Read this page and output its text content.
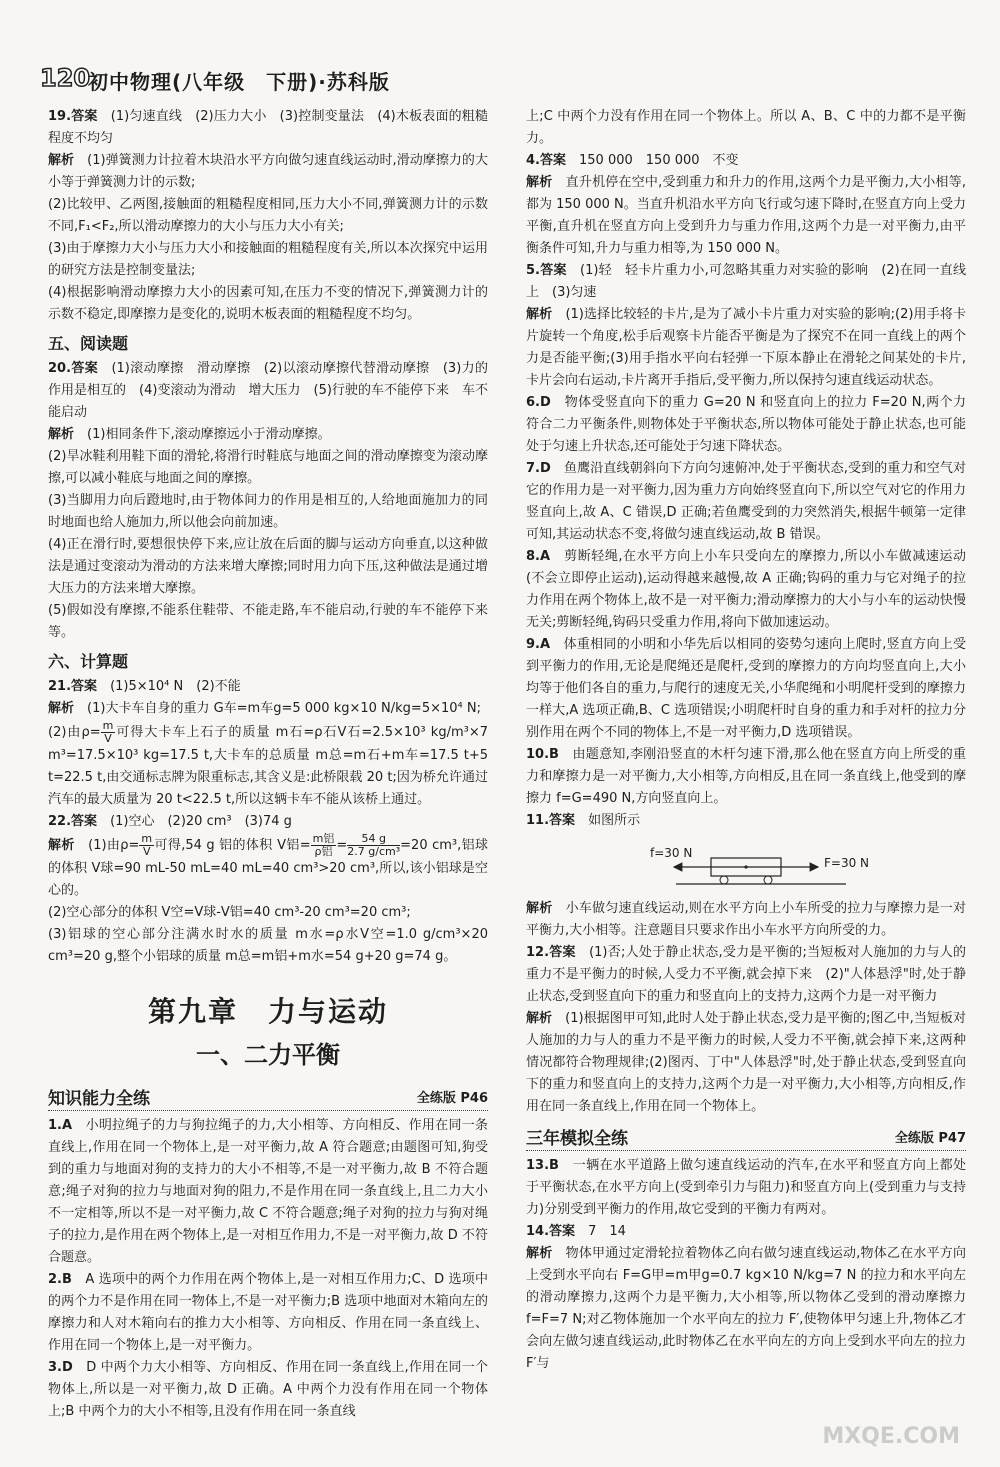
120
初中物理(八年级　下册)·苏科版

19.答案　 (1)匀速直线　(2)压力大小　(3)控制变量法　(4)木板表面的粗糙程度不均匀

解析　 (1)弹簧测力计拉着木块沿水平方向做匀速直线运动时,滑动摩擦力的大小等于弹簧测力计的示数;

(2)比较甲、乙两图,接触面的粗糙程度相同,压力大小不同,弹簧测力计的示数不同,F₁<F₂,所以滑动摩擦力的大小与压力大小有关;

(3)由于摩擦力大小与压力大小和接触面的粗糙程度有关,所以本次探究中运用的研究方法是控制变量法;

(4)根据影响滑动摩擦力大小的因素可知,在压力不变的情况下,弹簧测力计的示数不稳定,即摩擦力是变化的,说明木板表面的粗糙程度不均匀。

五、阅读题

20.答案　 (1)滚动摩擦　滑动摩擦　(2)以滚动摩擦代替滑动摩擦　(3)力的作用是相互的　(4)变滚动为滑动　增大压力　(5)行驶的车不能停下来　车不能启动

解析　 (1)相同条件下,滚动摩擦远小于滑动摩擦。

(2)旱冰鞋利用鞋下面的滑轮,将滑行时鞋底与地面之间的滑动摩擦变为滚动摩擦,可以减小鞋底与地面之间的摩擦。

(3)当脚用力向后蹬地时,由于物体间力的作用是相互的,人给地面施加力的同时地面也给人施加力,所以他会向前加速。

(4)正在滑行时,要想很快停下来,应让放在后面的脚与运动方向垂直,以这种做法是通过变滚动为滑动的方法来增大摩擦;同时用力向下压,这种做法是通过增大压力的方法来增大摩擦。

(5)假如没有摩擦,不能系住鞋带、不能走路,车不能启动,行驶的车不能停下来等。

六、计算题

21.答案　 (1)5×10⁴ N　(2)不能

解析　 (1)大卡车自身的重力 G车=m车g=5 000 kg×10 N/kg=5×10⁴ N;

(2)由$\rho= \frac{m}{V}$ 可得大卡车上石子的质量 m石=ρ石V石=2.5×10³ kg/m³×7 m³=17.5×10³ kg=17.5 t,大卡车的总质量 m总=m石+m车=17.5 t+5 t=22.5 t,由交通标志牌为限重标志,其含义是:此桥限载 20 t;因为桥允许通过汽车的最大质量为 20 t<22.5 t,所以这辆卡车不能从该桥上通过。

22.答案　 (1)空心　(2)20 cm³　(3)74 g

解析　 (1)由$\rho= \frac{m}{V}$ 可得,54 g 铝的体积 V铝= $\frac{\text{m铝}}{\text{ρ铝}} = \frac{54 g}{\text{2.7 g/cm³}} =20$ cm³,铝球的体积 V球=90 mL-50 mL=40 mL=40 cm³>20 cm³,所以,该小铝球是空心的。

(2)空心部分的体积 V空=V球-V铝=40 cm³-20 cm³=20 cm³;

(3)铝球的空心部分注满水时水的质量 m水=ρ水V空=1.0 g/cm³×20 cm³=20 g,整个小铝球的质量 m总=m铝+m水=54 g+20 g=74 g。

第九章　力与运动
一、二力平衡
知识能力全练	全练版 P46

1.A　 小明拉绳子的力与狗拉绳子的力,大小相等、方向相反、作用在同一条直线上,作用在同一个物体上,是一对平衡力,故 A 符合题意;由题图可知,狗受到的重力与地面对狗的支持力的大小不相等,不是一对平衡力,故 B 不符合题意;绳子对狗的拉力与地面对狗的阻力,不是作用在同一条直线上,且二力大小不一定相等,所以不是一对平衡力,故 C 不符合题意;绳子对狗的拉力与狗对绳子的拉力,是作用在两个物体上,是一对相互作用力,不是一对平衡力,故 D 不符合题意。

2.B　 A 选项中的两个力作用在两个物体上,是一对相互作用力;C、D 选项中的两个力不是作用在同一物体上,不是一对平衡力;B 选项中地面对木箱向左的摩擦力和人对木箱向右的推力大小相等、方向相反、作用在同一条直线上、作用在同一个物体上,是一对平衡力。

3.D　 D 中两个力大小相等、方向相反、作用在同一条直线上,作用在同一个物体上,所以是一对平衡力,故 D 正确。A 中两个力没有作用在同一个物体上;B 中两个力的大小不相等,且没有作用在同一条直线

上;C 中两个力没有作用在同一个物体上。所以 A、B、C 中的力都不是平衡力。

4.答案　 150 000　150 000　不变

解析　 直升机停在空中,受到重力和升力的作用,这两个力是平衡力,大小相等,都为 150 000 N。当直升机沿水平方向飞行或匀速下降时,在竖直方向上受力平衡,直升机在竖直方向上受到升力与重力作用,这两个力是一对平衡力,由平衡条件可知,升力与重力相等,为 150 000 N。

5.答案　 (1)轻　轻卡片重力小,可忽略其重力对实验的影响　(2)在同一直线上　(3)匀速

解析　 (1)选择比较轻的卡片,是为了减小卡片重力对实验的影响;(2)用手将卡片旋转一个角度,松手后观察卡片能否平衡是为了探究不在同一直线上的两个力是否能平衡;(3)用手指水平向右轻弹一下原本静止在滑轮之间某处的卡片,卡片会向右运动,卡片离开手指后,受平衡力,所以保持匀速直线运动状态。

6.D　 物体受竖直向下的重力 G=20 N 和竖直向上的拉力 F=20 N,两个力符合二力平衡条件,则物体处于平衡状态,所以物体可能处于静止状态,也可能处于匀速上升状态,还可能处于匀速下降状态。

7.D　 鱼鹰沿直线朝斜向下方向匀速俯冲,处于平衡状态,受到的重力和空气对它的作用力是一对平衡力,因为重力方向始终竖直向下,所以空气对它的作用力竖直向上,故 A、C 错误,D 正确;若鱼鹰受到的力突然消失,根据牛顿第一定律可知,其运动状态不变,将做匀速直线运动,故 B 错误。

8.A　 剪断轻绳,在水平方向上小车只受向左的摩擦力,所以小车做减速运动(不会立即停止运动),运动得越来越慢,故 A 正确;钩码的重力与它对绳子的拉力作用在两个物体上,故不是一对平衡力;滑动摩擦力的大小与小车的运动快慢无关;剪断轻绳,钩码只受重力作用,将向下做加速运动。

9.A　 体重相同的小明和小华先后以相同的姿势匀速向上爬时,竖直方向上受到平衡力的作用,无论是爬绳还是爬杆,受到的摩擦力的方向均竖直向上,大小均等于他们各自的重力,与爬行的速度无关,小华爬绳和小明爬杆受到的摩擦力一样大,A 选项正确,B、C 选项错误;小明爬杆时自身的重力和手对杆的拉力分别作用在两个不同的物体上,不是一对平衡力,D 选项错误。

10.B　 由题意知,李刚沿竖直的木杆匀速下滑,那么他在竖直方向上所受的重力和摩擦力是一对平衡力,大小相等,方向相反,且在同一条直线上,他受到的摩擦力 f=G=490 N,方向竖直向上。

11.答案　 如图所示

f=30 N
F=30 N

解析　 小车做匀速直线运动,则在水平方向上小车所受的拉力与摩擦力是一对平衡力,大小相等。注意题目只要求作出小车水平方向所受的力。

12.答案　 (1)否;人处于静止状态,受力是平衡的;当短板对人施加的力与人的重力不是平衡力的时候,人受力不平衡,就会掉下来　(2)"人体悬浮"时,处于静止状态,受到竖直向下的重力和竖直向上的支持力,这两个力是一对平衡力

解析　 (1)根据图甲可知,此时人处于静止状态,受力是平衡的;图乙中,当短板对人施加的力与人的重力不是平衡力的时候,人受力不平衡,就会掉下来,这两种情况都符合物理规律;(2)图丙、丁中"人体悬浮"时,处于静止状态,受到竖直向下的重力和竖直向上的支持力,这两个力是一对平衡力,大小相等,方向相反,作用在同一条直线上,作用在同一个物体上。

三年模拟全练	全练版 P47

13.B　 一辆在水平道路上做匀速直线运动的汽车,在水平和竖直方向上都处于平衡状态,在水平方向上(受到牵引力与阻力)和竖直方向上(受到重力与支持力)分别受到平衡力的作用,故它受到的平衡力有两对。

14.答案　 7　14

解析　 物体甲通过定滑轮拉着物体乙向右做匀速直线运动,物体乙在水平方向上受到水平向右 F=G甲=m甲g=0.7 kg×10 N/kg=7 N 的拉力和水平向左的滑动摩擦力,这两个力是平衡力,大小相等,所以物体乙受到的滑动摩擦力 f=F=7 N;对乙物体施加一个水平向左的拉力 F′,使物体甲匀速上升,物体乙才会向左做匀速直线运动,此时物体乙在水平向左的方向上受到水平向左的拉力 F′与

MXQE.COM
